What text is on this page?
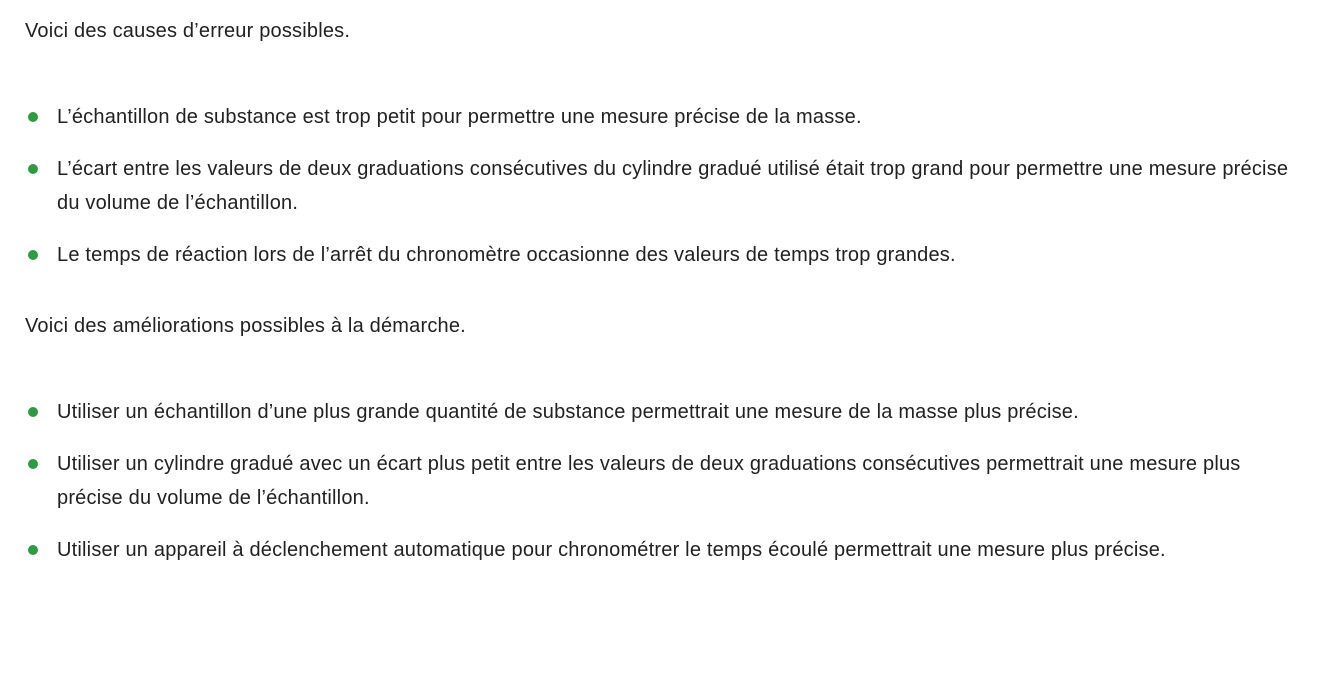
Voici des causes d’erreur possibles.

L’échantillon de substance est trop petit pour permettre une mesure précise de la masse.
L’écart entre les valeurs de deux graduations consécutives du cylindre gradué utilisé était trop grand pour permettre une mesure précise du volume de l’échantillon.
Le temps de réaction lors de l’arrêt du chronomètre occasionne des valeurs de temps trop grandes.

Voici des améliorations possibles à la démarche.

Utiliser un échantillon d’une plus grande quantité de substance permettrait une mesure de la masse plus précise.
Utiliser un cylindre gradué avec un écart plus petit entre les valeurs de deux graduations consécutives permettrait une mesure plus précise du volume de l’échantillon.
Utiliser un appareil à déclenchement automatique pour chronométrer le temps écoulé permettrait une mesure plus précise.
